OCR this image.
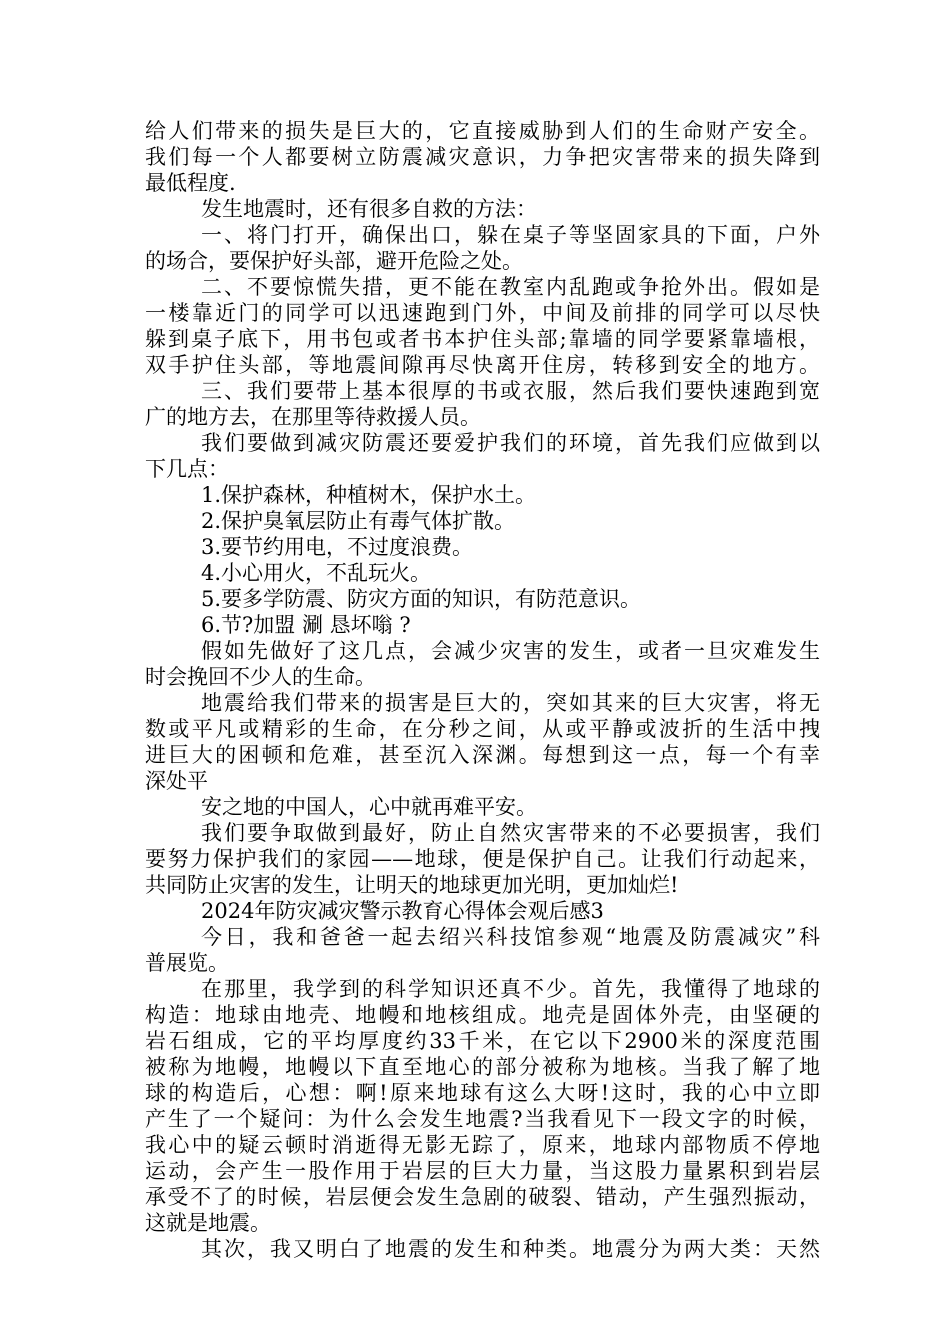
给人们带来的损失是巨大的，它直接威胁到人们的生命财产安全。
我们每一个人都要树立防震减灾意识，力争把灾害带来的损失降到
最低程度.
发生地震时，还有很多自救的方法：
一、将门打开，确保出口，躲在桌子等坚固家具的下面，户外
的场合，要保护好头部，避开危险之处。
二、不要惊慌失措，更不能在教室内乱跑或争抢外出。假如是
一楼靠近门的同学可以迅速跑到门外，中间及前排的同学可以尽快
躲到桌子底下，用书包或者书本护住头部;靠墙的同学要紧靠墙根，
双手护住头部，等地震间隙再尽快离开住房，转移到安全的地方。
三、我们要带上基本很厚的书或衣服，然后我们要快速跑到宽
广的地方去，在那里等待救援人员。
我们要做到减灾防震还要爱护我们的环境，首先我们应做到以
下几点：
1.保护森林，种植树木，保护水土。
2.保护臭氧层防止有毒气体扩散。
3.要节约用电，不过度浪费。
4.小心用火，不乱玩火。
5.要多学防震、防灾方面的知识，有防范意识。
6.节?加盟 涮 恳坏嗡 ?
假如先做好了这几点，会减少灾害的发生，或者一旦灾难发生
时会挽回不少人的生命。
地震给我们带来的损害是巨大的，突如其来的巨大灾害，将无
数或平凡或精彩的生命，在分秒之间，从或平静或波折的生活中拽
进巨大的困顿和危难，甚至沉入深渊。每想到这一点，每一个有幸
深处平
安之地的中国人，心中就再难平安。
我们要争取做到最好，防止自然灾害带来的不必要损害，我们
要努力保护我们的家园——地球，便是保护自己。让我们行动起来，
共同防止灾害的发生，让明天的地球更加光明，更加灿烂!
2024年防灾减灾警示教育心得体会观后感3
今日，我和爸爸一起去绍兴科技馆参观“地震及防震减灾”科
普展览。
在那里，我学到的科学知识还真不少。首先，我懂得了地球的
构造：地球由地壳、地幔和地核组成。地壳是固体外壳，由坚硬的
岩石组成，它的平均厚度约33千米，在它以下2900米的深度范围
被称为地幔，地幔以下直至地心的部分被称为地核。当我了解了地
球的构造后，心想：啊!原来地球有这么大呀!这时，我的心中立即
产生了一个疑问：为什么会发生地震?当我看见下一段文字的时候，
我心中的疑云顿时消逝得无影无踪了，原来，地球内部物质不停地
运动，会产生一股作用于岩层的巨大力量，当这股力量累积到岩层
承受不了的时候，岩层便会发生急剧的破裂、错动，产生强烈振动，
这就是地震。
其次，我又明白了地震的发生和种类。地震分为两大类：天然
